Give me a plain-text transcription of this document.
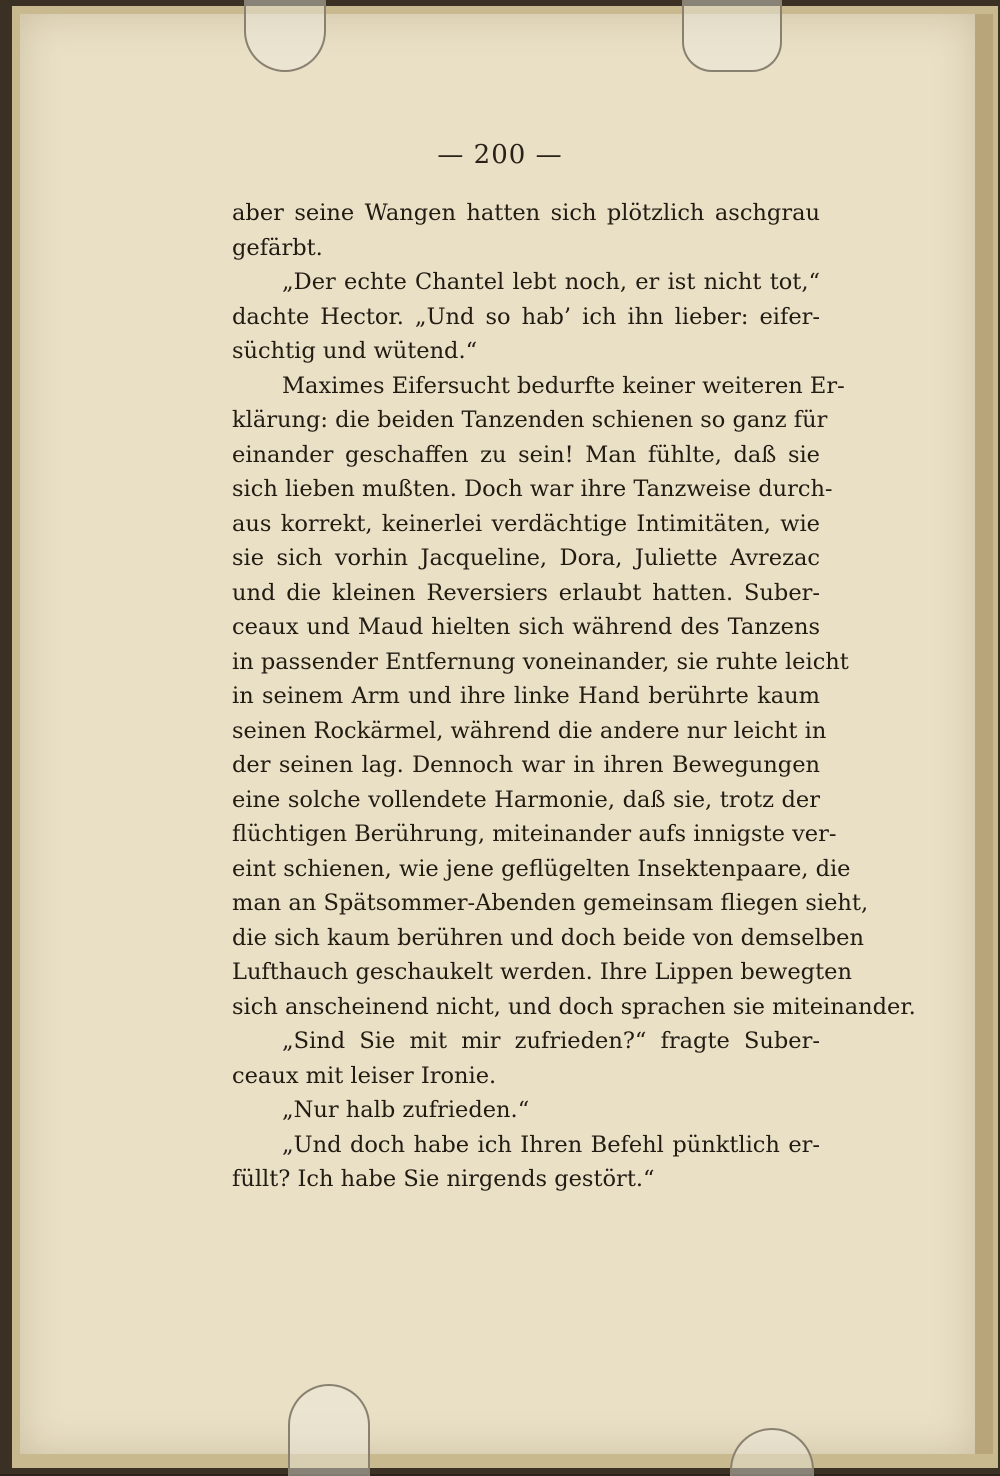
— 200 —
aber seine Wangen hatten sich plötzlich aschgrau
gefärbt.
„Der echte Chantel lebt noch, er ist nicht tot,“
dachte Hector. „Und so hab’ ich ihn lieber: eifer-
süchtig und wütend.“
Maximes Eifersucht bedurfte keiner weiteren Er-
klärung: die beiden Tanzenden schienen so ganz für
einander geschaffen zu sein! Man fühlte, daß sie
sich lieben mußten. Doch war ihre Tanzweise durch-
aus korrekt, keinerlei verdächtige Intimitäten, wie
sie sich vorhin Jacqueline, Dora, Juliette Avrezac
und die kleinen Reversiers erlaubt hatten. Suber-
ceaux und Maud hielten sich während des Tanzens
in passender Entfernung voneinander, sie ruhte leicht
in seinem Arm und ihre linke Hand berührte kaum
seinen Rockärmel, während die andere nur leicht in
der seinen lag. Dennoch war in ihren Bewegungen
eine solche vollendete Harmonie, daß sie, trotz der
flüchtigen Berührung, miteinander aufs innigste ver-
eint schienen, wie jene geflügelten Insektenpaare, die
man an Spätsommer-Abenden gemeinsam fliegen sieht,
die sich kaum berühren und doch beide von demselben
Lufthauch geschaukelt werden. Ihre Lippen bewegten
sich anscheinend nicht, und doch sprachen sie miteinander.
„Sind Sie mit mir zufrieden?“ fragte Suber-
ceaux mit leiser Ironie.
„Nur halb zufrieden.“
„Und doch habe ich Ihren Befehl pünktlich er-
füllt? Ich habe Sie nirgends gestört.“
